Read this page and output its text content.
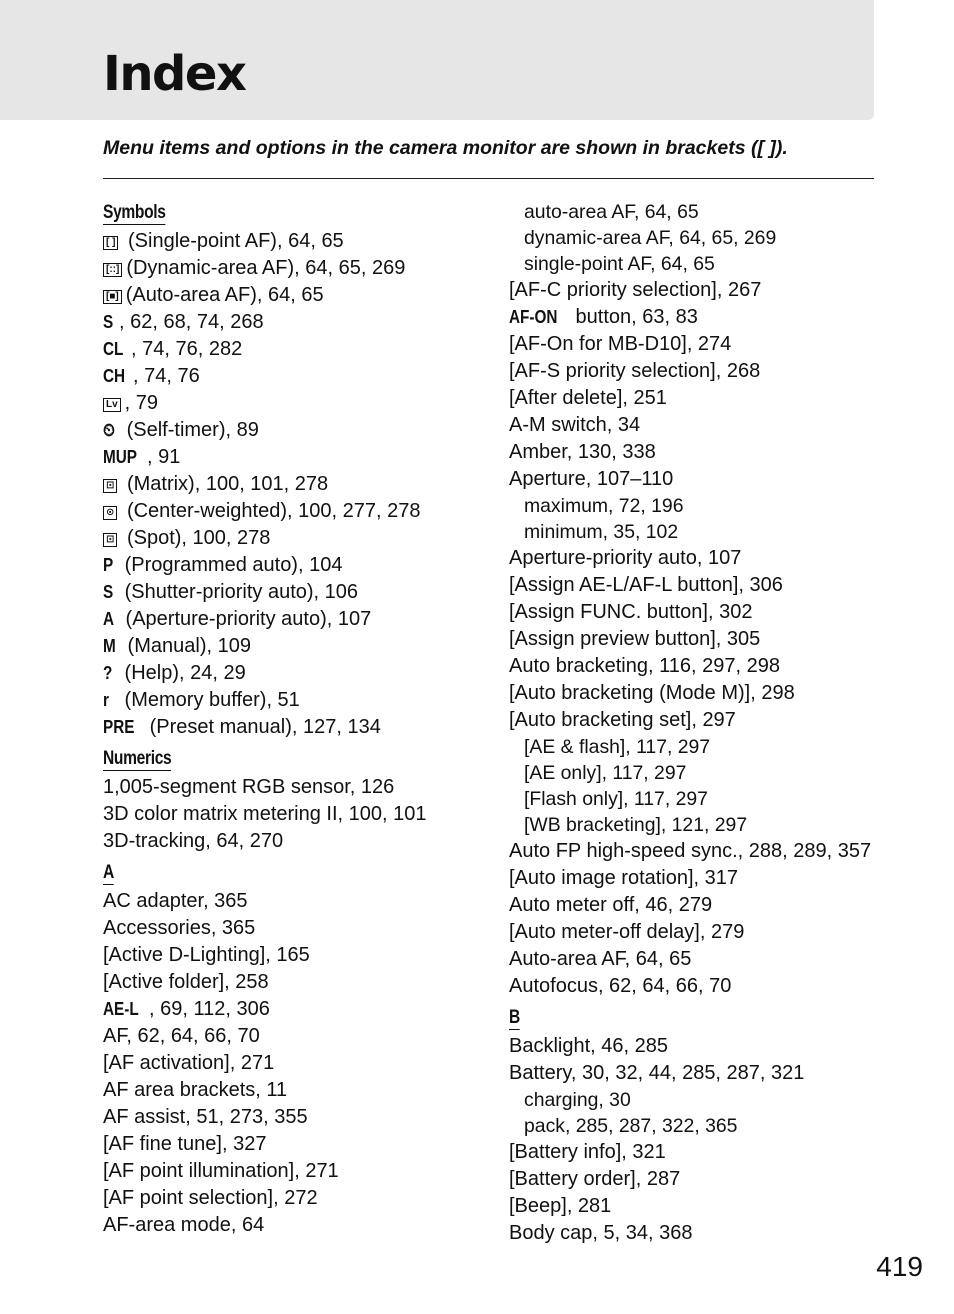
Index
Menu items and options in the camera monitor are shown in brackets ([ ]).
Symbols
[ ] (Single-point AF), 64, 65
[::] (Dynamic-area AF), 64, 65, 269
[■] (Auto-area AF), 64, 65
S , 62, 68, 74, 268
CL , 74, 76, 282
CH , 74, 76
Lv , 79
⏲ (Self-timer), 89
MUP , 91
⊡ (Matrix), 100, 101, 278
⊙ (Center-weighted), 100, 277, 278
⊡ (Spot), 100, 278
P (Programmed auto), 104
S (Shutter-priority auto), 106
A (Aperture-priority auto), 107
M (Manual), 109
? (Help), 24, 29
r (Memory buffer), 51
PRE (Preset manual), 127, 134
Numerics
1,005-segment RGB sensor, 126
3D color matrix metering II, 100, 101
3D-tracking, 64, 270
A
AC adapter, 365
Accessories, 365
[Active D-Lighting], 165
[Active folder], 258
AE-L , 69, 112, 306
AF, 62, 64, 66, 70
[AF activation], 271
AF area brackets, 11
AF assist, 51, 273, 355
[AF fine tune], 327
[AF point illumination], 271
[AF point selection], 272
AF-area mode, 64
auto-area AF, 64, 65
dynamic-area AF, 64, 65, 269
single-point AF, 64, 65
[AF-C priority selection], 267
AF-ON button, 63, 83
[AF-On for MB-D10], 274
[AF-S priority selection], 268
[After delete], 251
A-M switch, 34
Amber, 130, 338
Aperture, 107–110
maximum, 72, 196
minimum, 35, 102
Aperture-priority auto, 107
[Assign AE-L/AF-L button], 306
[Assign FUNC. button], 302
[Assign preview button], 305
Auto bracketing, 116, 297, 298
[Auto bracketing (Mode M)], 298
[Auto bracketing set], 297
[AE & flash], 117, 297
[AE only], 117, 297
[Flash only], 117, 297
[WB bracketing], 121, 297
Auto FP high-speed sync., 288, 289, 357
[Auto image rotation], 317
Auto meter off, 46, 279
[Auto meter-off delay], 279
Auto-area AF, 64, 65
Autofocus, 62, 64, 66, 70
B
Backlight, 46, 285
Battery, 30, 32, 44, 285, 287, 321
charging, 30
pack, 285, 287, 322, 365
[Battery info], 321
[Battery order], 287
[Beep], 281
Body cap, 5, 34, 368
419
